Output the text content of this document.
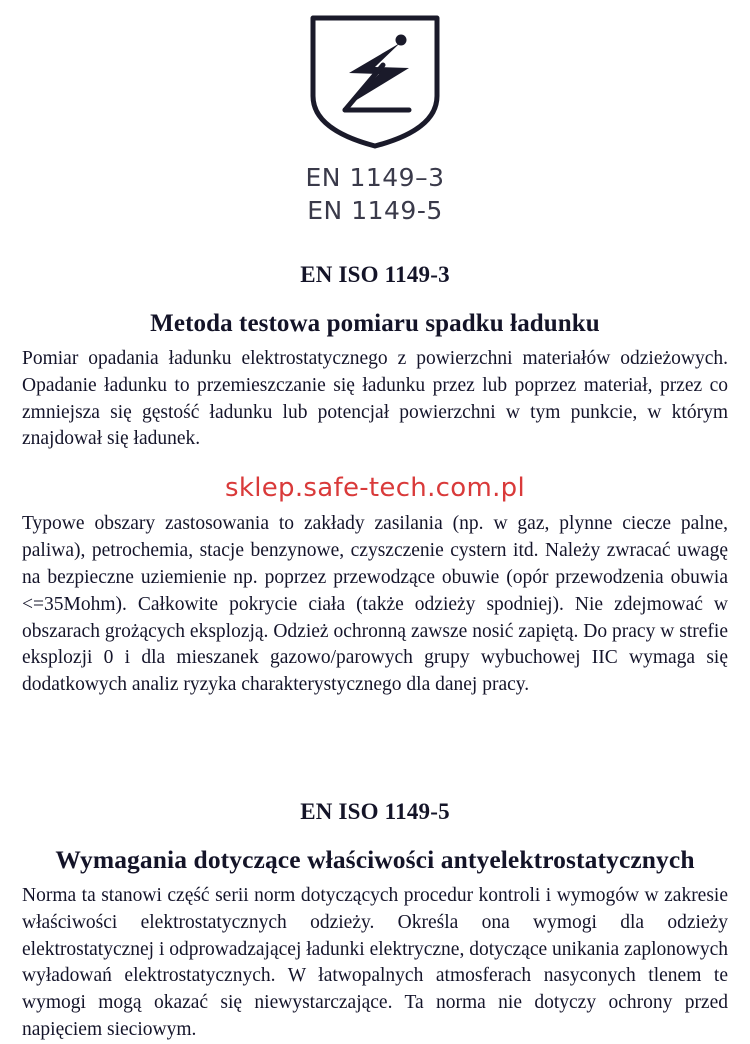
EN 1149–3
EN 1149-5
EN ISO 1149-3
Metoda testowa pomiaru spadku ładunku

Pomiar opadania ładunku elektrostatycznego z powierzchni materiałów odzieżowych. Opadanie ładunku to przemieszczanie się ładunku przez lub poprzez materiał, przez co zmniejsza się gęstość ładunku lub potencjał powierzchni w tym punkcie, w którym znajdował się ładunek.

sklep.safe-tech.com.pl

Typowe obszary zastosowania to zakłady zasilania (np. w gaz, plynne ciecze palne, paliwa), petrochemia, stacje benzynowe, czyszczenie cystern itd. Należy zwracać uwagę na bezpieczne uziemienie np. poprzez przewodzące obuwie (opór przewodzenia obuwia <=35Mohm). Całkowite pokrycie ciała (także odzieży spodniej). Nie zdejmować w obszarach grożących eksplozją. Odzież ochronną zawsze nosić zapiętą. Do pracy w strefie eksplozji 0 i dla mieszanek gazowo/parowych grupy wybuchowej IIC wymaga się dodatkowych analiz ryzyka charakterystycznego dla danej pracy.

EN ISO 1149-5
Wymagania dotyczące właściwości antyelektrostatycznych

Norma ta stanowi część serii norm dotyczących procedur kontroli i wymogów w zakresie właściwości elektrostatycznych odzieży. Określa ona wymogi dla odzieży elektrostatycznej i odprowadzającej ładunki elektryczne, dotyczące unikania zaplonowych wyładowań elektrostatycznych. W łatwopalnych atmosferach nasyconych tlenem te wymogi mogą okazać się niewystarczające. Ta norma nie dotyczy ochrony przed napięciem sieciowym.
